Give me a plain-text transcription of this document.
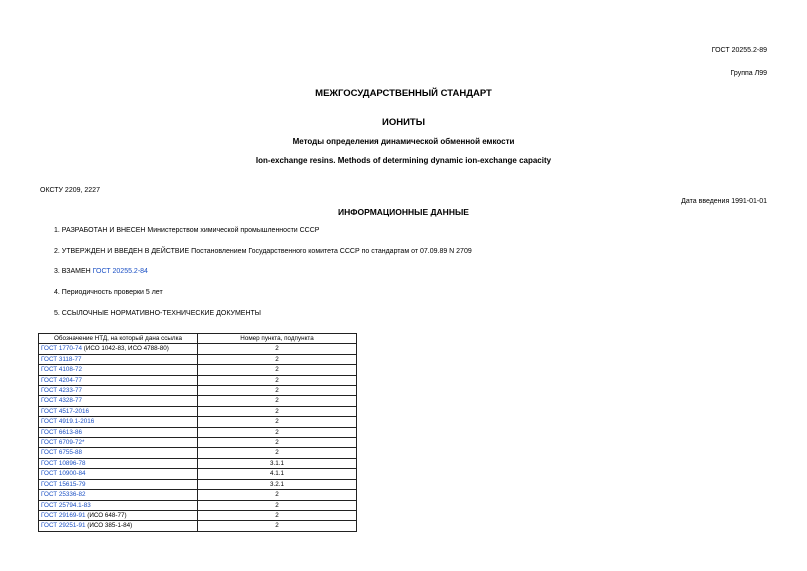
ГОСТ 20255.2-89
Группа Л99
МЕЖГОСУДАРСТВЕННЫЙ СТАНДАРТ
ИОНИТЫ
Методы определения динамической обменной емкости
Ion-exchange resins. Methods of determining dynamic ion-exchange capacity
ОКСТУ 2209, 2227
Дата введения 1991-01-01
ИНФОРМАЦИОННЫЕ ДАННЫЕ
1. РАЗРАБОТАН И ВНЕСЕН Министерством химической промышленности СССР
2. УТВЕРЖДЕН И ВВЕДЕН В ДЕЙСТВИЕ Постановлением Государственного комитета СССР по стандартам от 07.09.89 N 2709
3. ВЗАМЕН ГОСТ 20255.2-84
4. Периодичность проверки 5 лет
5. ССЫЛОЧНЫЕ НОРМАТИВНО-ТЕХНИЧЕСКИЕ ДОКУМЕНТЫ
Обозначение НТД, на который дана ссылка	Номер пункта, подпункта
ГОСТ 1770-74 (ИСО 1042-83, ИСО 4788-80)	2
ГОСТ 3118-77	2
ГОСТ 4108-72	2
ГОСТ 4204-77	2
ГОСТ 4233-77	2
ГОСТ 4328-77	2
ГОСТ 4517-2016	2
ГОСТ 4919.1-2016	2
ГОСТ 6613-86	2
ГОСТ 6709-72*	2
ГОСТ 6755-88	2
ГОСТ 10896-78	3.1.1
ГОСТ 10900-84	4.1.1
ГОСТ 15615-79	3.2.1
ГОСТ 25336-82	2
ГОСТ 25794.1-83	2
ГОСТ 29169-91 (ИСО 648-77)	2
ГОСТ 29251-91 (ИСО 385-1-84)	2
